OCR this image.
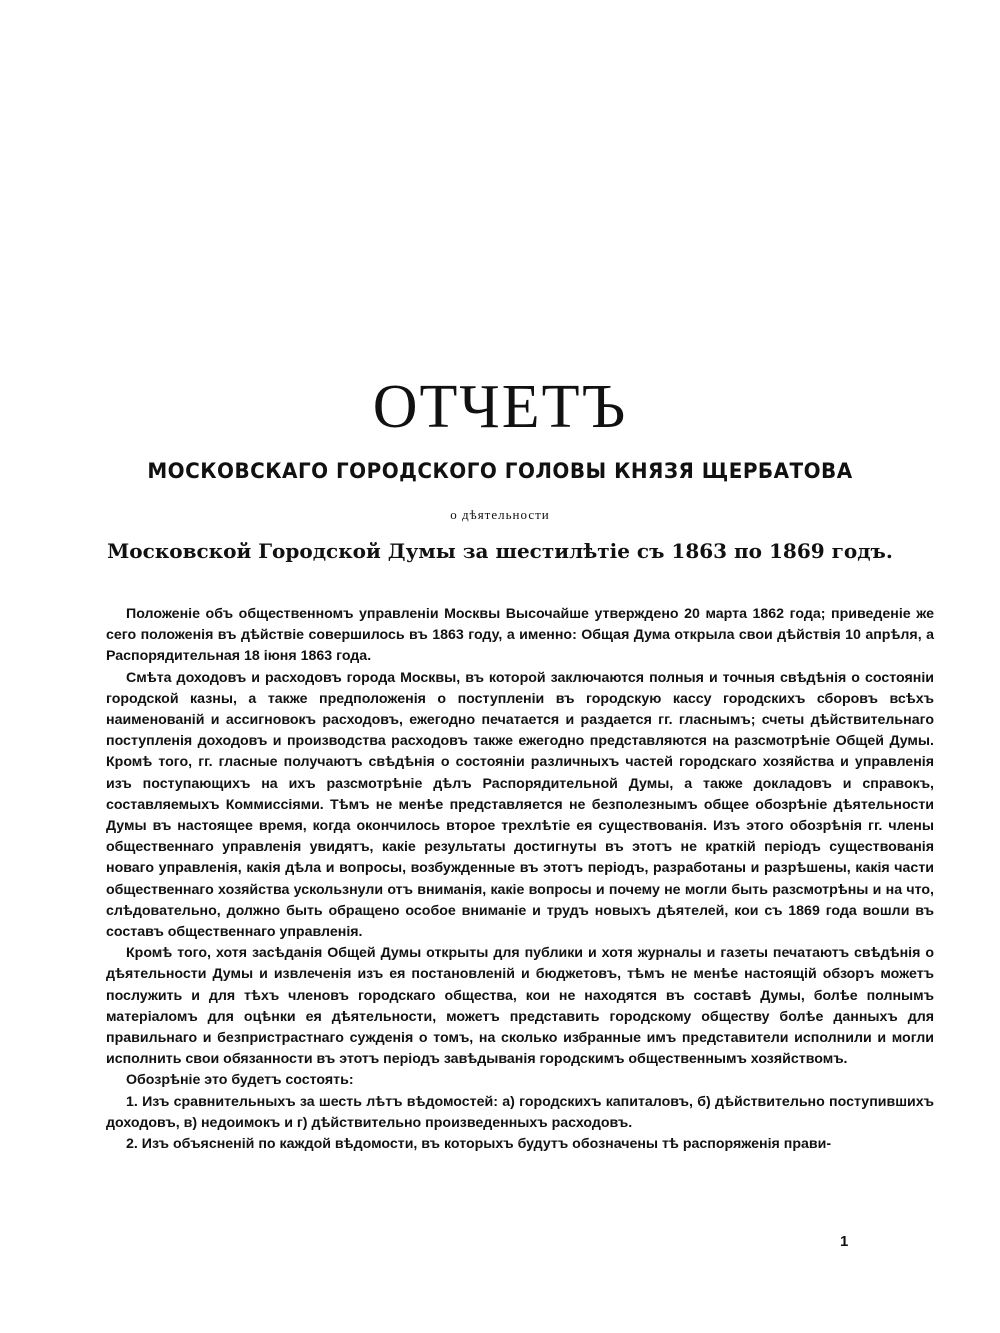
ОТЧЕТЪ
МОСКОВСКАГО ГОРОДСКОГО ГОЛОВЫ КНЯЗЯ ЩЕРБАТОВА
о дѣятельности
Московской Городской Думы за шестилѣтіе съ 1863 по 1869 годъ.

Положеніе объ общественномъ управленіи Москвы Высочайше утверждено 20 марта 1862 года; приведеніе же сего положенія въ дѣйствіе совершилось въ 1863 году, а именно: Общая Дума открыла свои дѣйствія 10 апрѣля, а Распорядительная 18 іюня 1863 года.

Смѣта доходовъ и расходовъ города Москвы, въ которой заключаются полныя и точныя свѣдѣнія о состояніи городской казны, а также предположенія о поступленіи въ городскую кассу городскихъ сборовъ всѣхъ наименованій и ассигновокъ расходовъ, ежегодно печатается и раздается гг. гласнымъ; счеты дѣйствительнаго поступленія доходовъ и производства расходовъ также ежегодно представляются на разсмотрѣніе Общей Думы. Кромѣ того, гг. гласные получаютъ свѣдѣнія о состояніи различныхъ частей городскаго хозяйства и управленія изъ поступающихъ на ихъ разсмотрѣніе дѣлъ Распорядительной Думы, а также докладовъ и справокъ, составляемыхъ Коммиссіями. Тѣмъ не менѣе представляется не безполезнымъ общее обозрѣніе дѣятельности Думы въ настоящее время, когда окончилось второе трехлѣтіе ея существованія. Изъ этого обозрѣнія гг. члены общественнаго управленія увидятъ, какіе результаты достигнуты въ этотъ не краткій періодъ существованія новаго управленія, какія дѣла и вопросы, возбужденные въ этотъ періодъ, разработаны и разрѣшены, какія части общественнаго хозяйства ускользнули отъ вниманія, какіе вопросы и почему не могли быть разсмотрѣны и на что, слѣдовательно, должно быть обращено особое вниманіе и трудъ новыхъ дѣятелей, кои съ 1869 года вошли въ составъ общественнаго управленія.

Кромѣ того, хотя засѣданія Общей Думы открыты для публики и хотя журналы и газеты печатаютъ свѣдѣнія о дѣятельности Думы и извлеченія изъ ея постановленій и бюджетовъ, тѣмъ не менѣе настоящій обзоръ можетъ послужить и для тѣхъ членовъ городскаго общества, кои не находятся въ составѣ Думы, болѣе полнымъ матеріаломъ для оцѣнки ея дѣятельности, можетъ представить городскому обществу болѣе данныхъ для правильнаго и безпристрастнаго сужденія о томъ, на сколько избранные имъ представители исполнили и могли исполнить свои обязанности въ этотъ періодъ завѣдыванія городскимъ общественнымъ хозяйствомъ.

Обозрѣніе это будетъ состоять:

1. Изъ сравнительныхъ за шесть лѣтъ вѣдомостей: а) городскихъ капиталовъ, б) дѣйствительно поступившихъ доходовъ, в) недоимокъ и г) дѣйствительно произведенныхъ расходовъ.

2. Изъ объясненій по каждой вѣдомости, въ которыхъ будутъ обозначены тѣ распоряженія прави-

1
